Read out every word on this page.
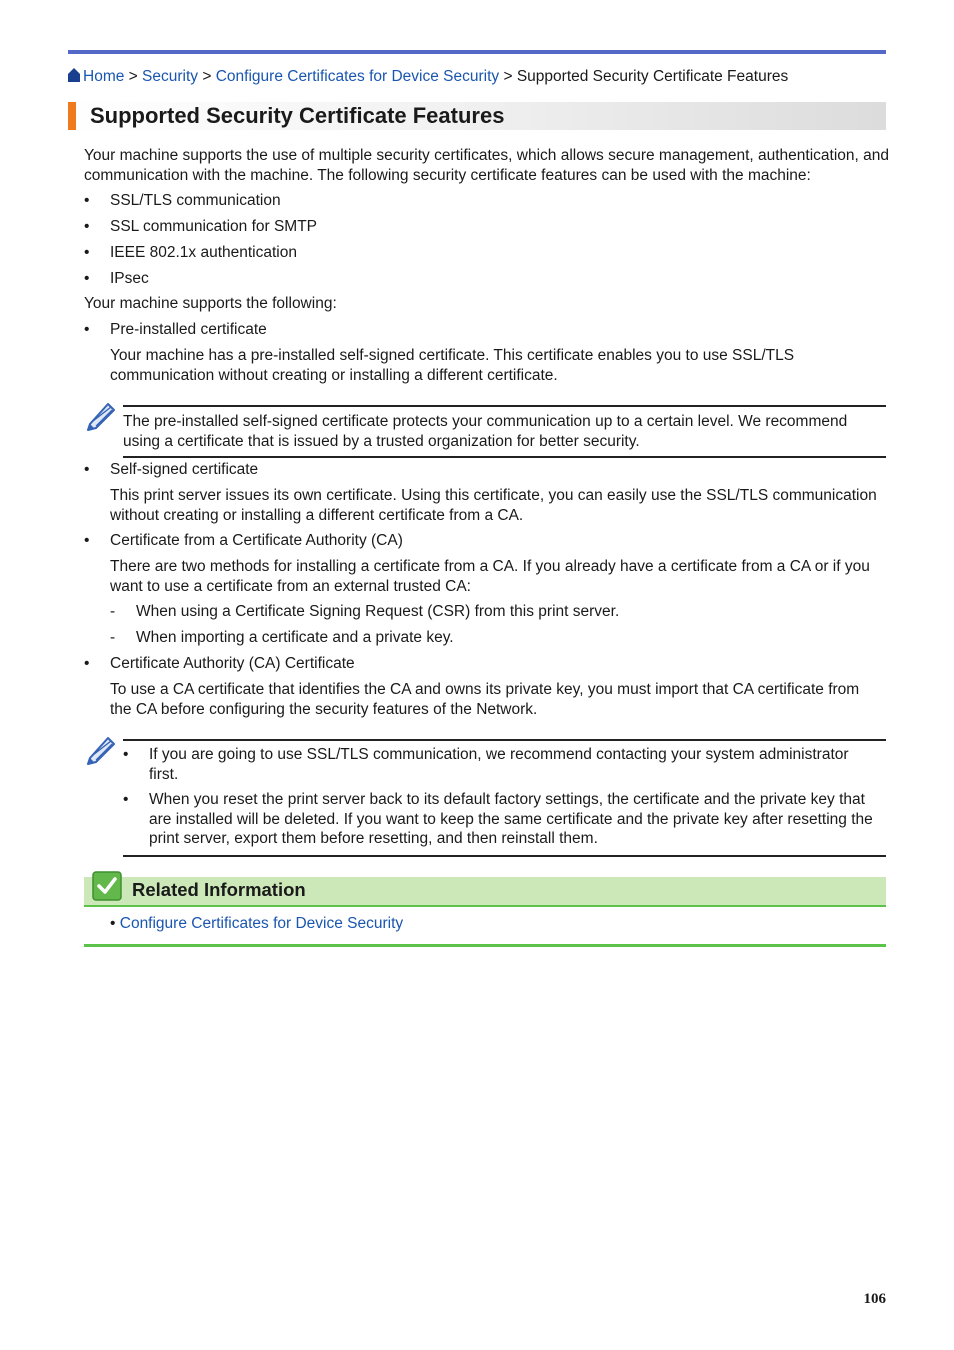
Home > Security > Configure Certificates for Device Security > Supported Security Certificate Features
Supported Security Certificate Features

Your machine supports the use of multiple security certificates, which allows secure management, authentication, and communication with the machine. The following security certificate features can be used with the machine:

• SSL/TLS communication
• SSL communication for SMTP
• IEEE 802.1x authentication
• IPsec

Your machine supports the following:

• Pre-installed certificate

Your machine has a pre-installed self-signed certificate. This certificate enables you to use SSL/TLS communication without creating or installing a different certificate.

The pre-installed self-signed certificate protects your communication up to a certain level. We recommend using a certificate that is issued by a trusted organization for better security.

• Self-signed certificate

This print server issues its own certificate. Using this certificate, you can easily use the SSL/TLS communication without creating or installing a different certificate from a CA.

• Certificate from a Certificate Authority (CA)

There are two methods for installing a certificate from a CA. If you already have a certificate from a CA or if you want to use a certificate from an external trusted CA:

- When using a Certificate Signing Request (CSR) from this print server.
- When importing a certificate and a private key.
• Certificate Authority (CA) Certificate

To use a CA certificate that identifies the CA and owns its private key, you must import that CA certificate from the CA before configuring the security features of the Network.

• If you are going to use SSL/TLS communication, we recommend contacting your system administrator first.

• When you reset the print server back to its default factory settings, the certificate and the private key that are installed will be deleted. If you want to keep the same certificate and the private key after resetting the print server, export them before resetting, and then reinstall them.

Related Information
• Configure Certificates for Device Security
106
